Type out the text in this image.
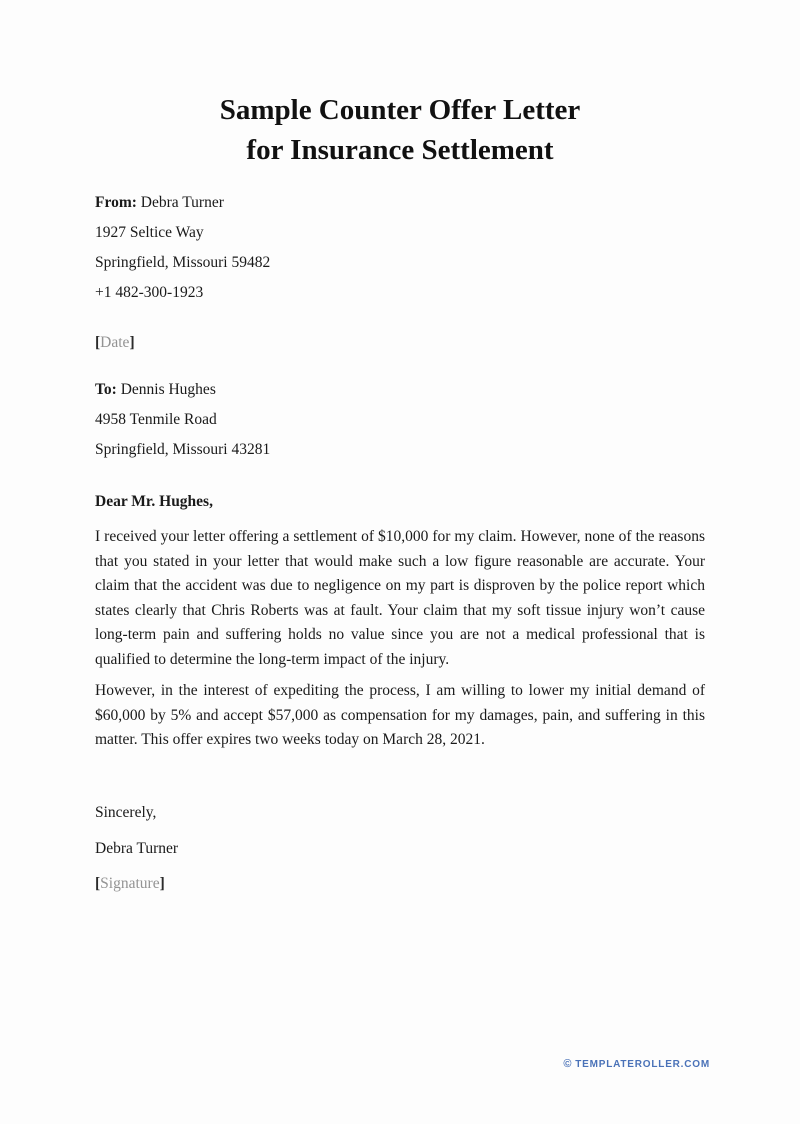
Sample Counter Offer Letter
for Insurance Settlement

From: Debra Turner

1927 Seltice Way

Springfield, Missouri 59482

+1 482-300-1923

[Date]

To: Dennis Hughes

4958 Tenmile Road

Springfield, Missouri 43281

Dear Mr. Hughes,

I received your letter offering a settlement of $10,000 for my claim. However, none of the reasons that you stated in your letter that would make such a low figure reasonable are accurate. Your claim that the accident was due to negligence on my part is disproven by the police report which states clearly that Chris Roberts was at fault. Your claim that my soft tissue injury won’t cause long-term pain and suffering holds no value since you are not a medical professional that is qualified to determine the long-term impact of the injury.

However, in the interest of expediting the process, I am willing to lower my initial demand of $60,000 by 5% and accept $57,000 as compensation for my damages, pain, and suffering in this matter. This offer expires two weeks today on March 28, 2021.

Sincerely,

Debra Turner

[Signature]

© TEMPLATEROLLER.COM
